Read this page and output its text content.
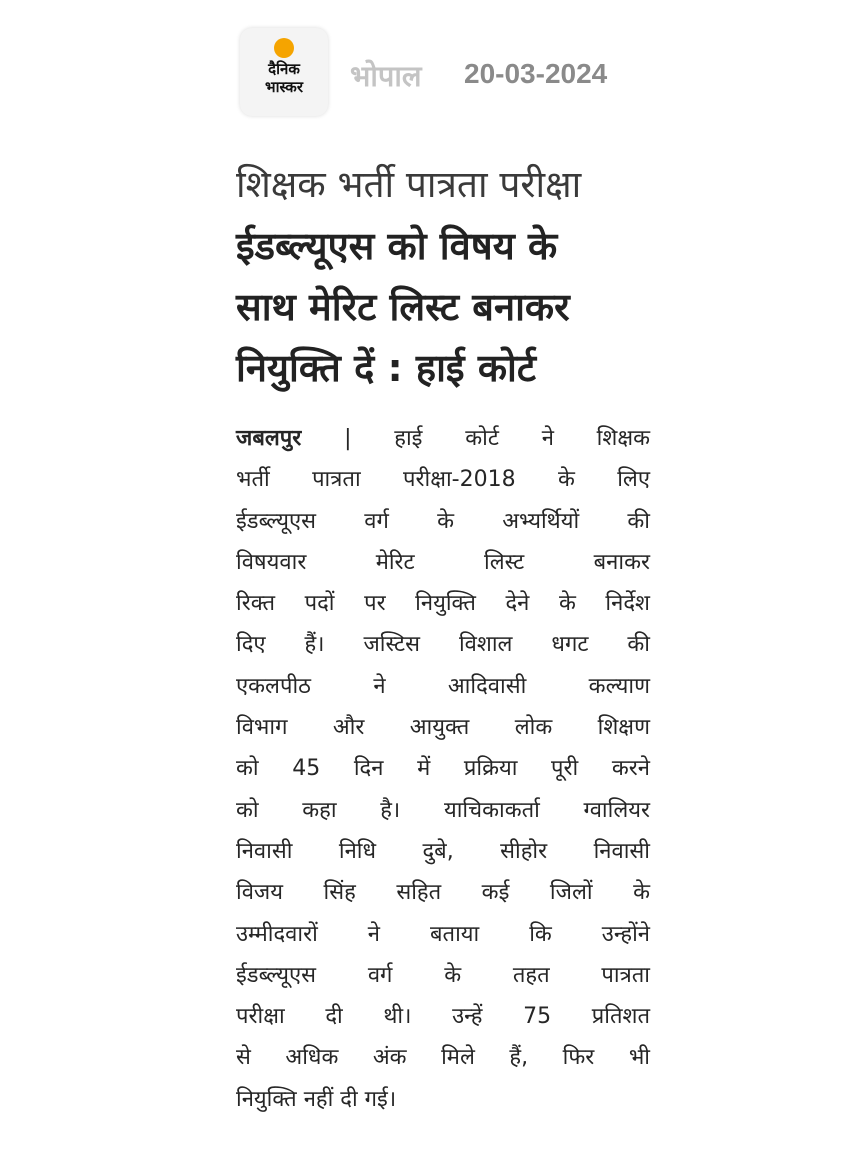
दैनिक
भास्कर	भोपाल 20-03-2024
शिक्षक भर्ती पात्रता परीक्षा
ईडब्ल्यूएस को विषय के
साथ मेरिट लिस्ट बनाकर
नियुक्ति दें : हाई कोर्ट
जबलपुर | हाई कोर्ट ने शिक्षक
भर्ती पात्रता परीक्षा-2018 के लिए
ईडब्ल्यूएस वर्ग के अभ्यर्थियों की
विषयवार मेरिट लिस्ट बनाकर
रिक्त पदों पर नियुक्ति देने के निर्देश
दिए हैं। जस्टिस विशाल धगट की
एकलपीठ ने आदिवासी कल्याण
विभाग और आयुक्त लोक शिक्षण
को 45 दिन में प्रक्रिया पूरी करने
को कहा है। याचिकाकर्ता ग्वालियर
निवासी निधि दुबे, सीहोर निवासी
विजय सिंह सहित कई जिलों के
उम्मीदवारों ने बताया कि उन्होंने
ईडब्ल्यूएस वर्ग के तहत पात्रता
परीक्षा दी थी। उन्हें 75 प्रतिशत
से अधिक अंक मिले हैं, फिर भी
नियुक्ति नहीं दी गई।
